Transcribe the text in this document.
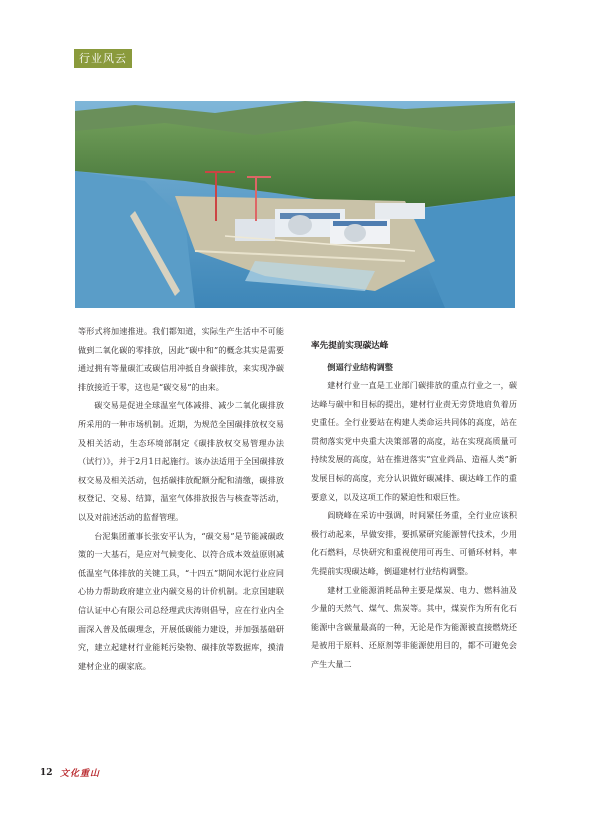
行业风云

等形式将加速推进。我们都知道，实际生产生活中不可能做到二氧化碳的零排放，因此“碳中和”的概念其实是需要通过拥有等量碳汇或碳信用冲抵自身碳排放，来实现净碳排放接近于零，这也是“碳交易”的由来。

碳交易是促进全球温室气体减排、减少二氧化碳排放所采用的一种市场机制。近期，为规范全国碳排放权交易及相关活动，生态环境部制定《碳排放权交易管理办法（试行）》，并于2月1日起施行。该办法适用于全国碳排放权交易及相关活动，包括碳排放配额分配和清缴，碳排放权登记、交易、结算，温室气体排放报告与核查等活动，以及对前述活动的监督管理。

台泥集团董事长张安平认为，“碳交易”是节能减碳政策的一大基石，是应对气候变化、以符合成本效益原则减低温室气体排放的关键工具，“十四五”期间水泥行业应同心协力帮助政府建立业内碳交易的计价机制。北京国建联信认证中心有限公司总经理武庆涛则倡导，应在行业内全面深入普及低碳理念，开展低碳能力建设，并加强基础研究，建立起建材行业能耗污染物、碳排放等数据库，摸清建材企业的碳家底。

率先提前实现碳达峰

倒逼行业结构调整

建材行业一直是工业部门碳排放的重点行业之一，碳达峰与碳中和目标的提出，建材行业责无旁贷地肩负着历史重任。全行业要站在构建人类命运共同体的高度，站在贯彻落实党中央重大决策部署的高度，站在实现高质量可持续发展的高度，站在推进落实“宜业尚品、造福人类”新发展目标的高度，充分认识做好碳减排、碳达峰工作的重要意义，以及这项工作的紧迫性和艰巨性。

阎晓峰在采访中强调，时间紧任务重，全行业应该积极行动起来，早做安排，要抓紧研究能源替代技术，少用化石燃料，尽快研究和重视使用可再生、可循环材料，率先提前实现碳达峰，倒逼建材行业结构调整。

建材工业能源消耗品种主要是煤炭、电力、燃料油及少量的天然气、煤气、焦炭等。其中，煤炭作为所有化石能源中含碳量最高的一种，无论是作为能源被直接燃烧还是被用于原料、还原剂等非能源使用目的，都不可避免会产生大量二

12 文化重山
